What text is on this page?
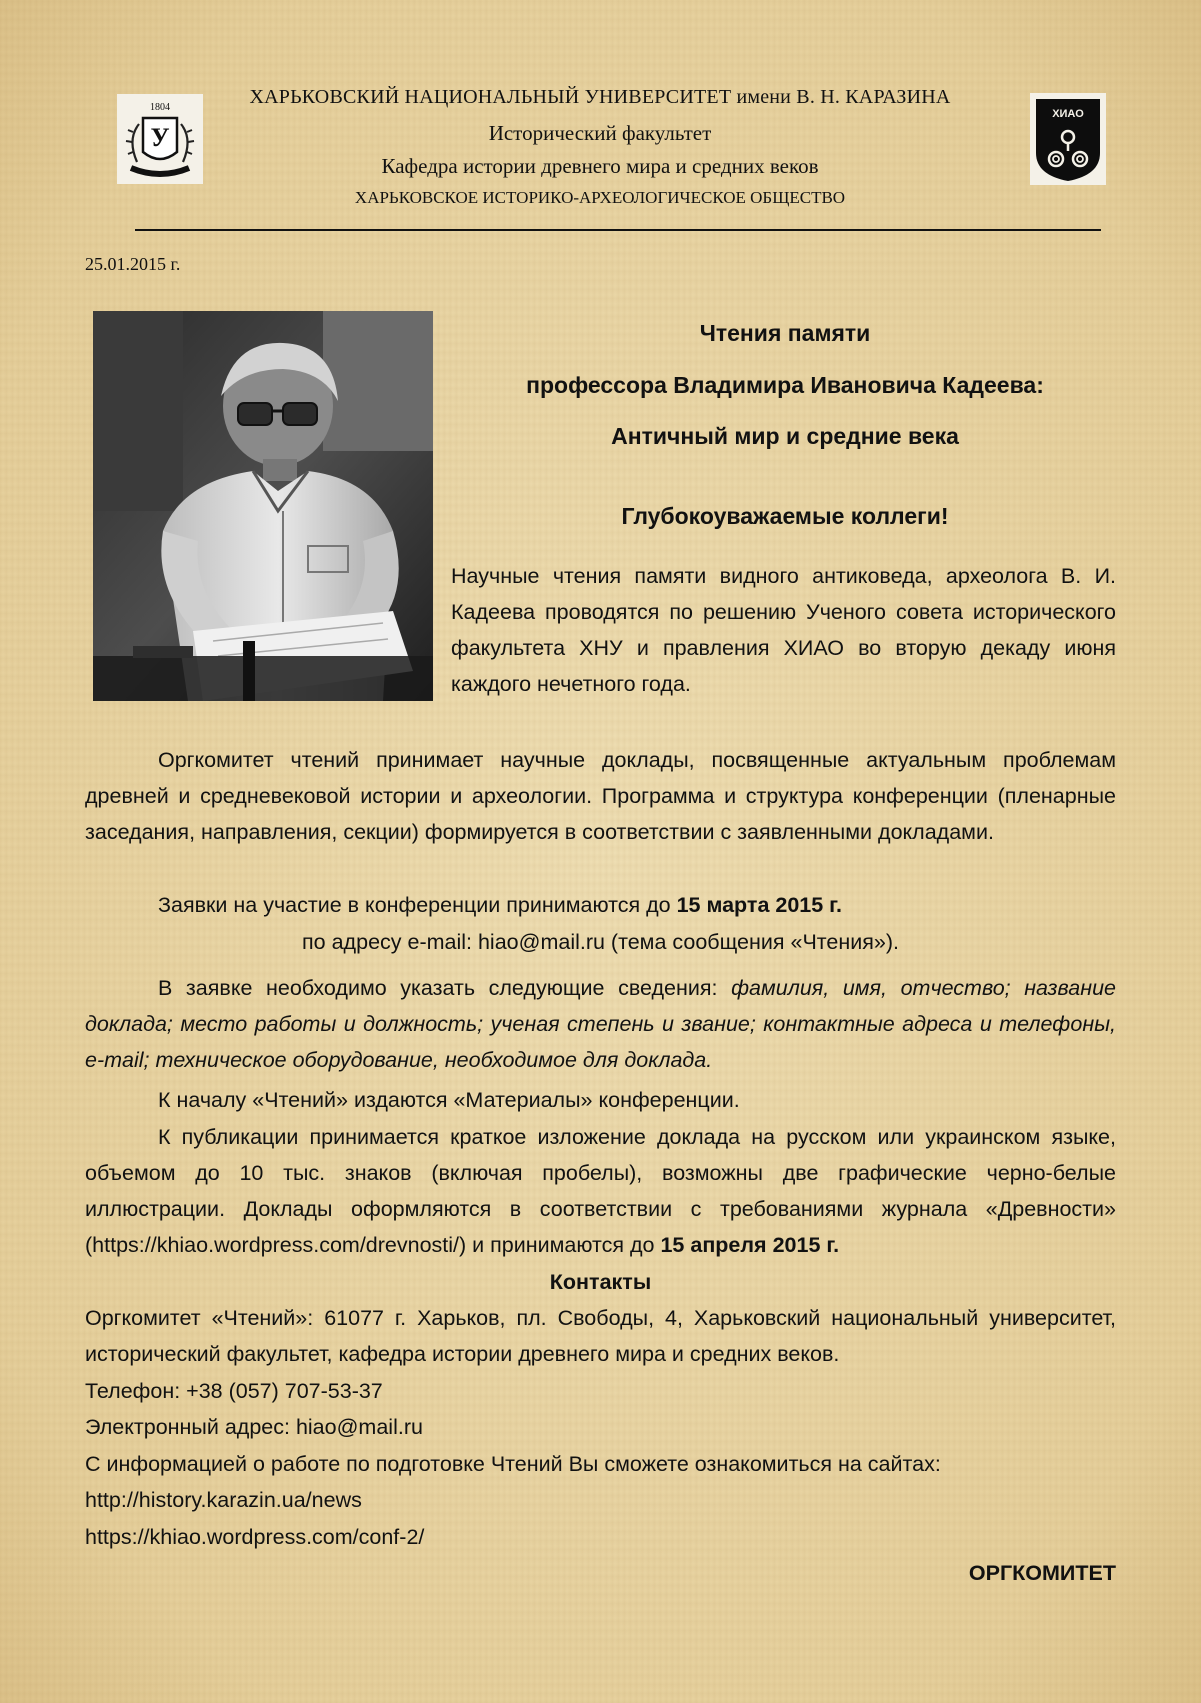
У
1804
ХИАО
ХАРЬКОВСКИЙ НАЦИОНАЛЬНЫЙ УНИВЕРСИТЕТ имени В. Н. КАРАЗИНА
Исторический факультет
Кафедра истории древнего мира и средних веков
ХАРЬКОВСКОЕ ИСТОРИКО-АРХЕОЛОГИЧЕСКОЕ ОБЩЕСТВО
25.01.2015 г.
Чтения памяти
профессора Владимира Ивановича Кадеева:
Античный мир и средние века
Глубокоуважаемые коллеги!
Научные чтения памяти видного антиковеда, археолога В. И. Кадеева проводятся по решению Ученого совета исторического факультета ХНУ и правления ХИАО во вторую декаду июня каждого нечетного года.
Оргкомитет чтений принимает научные доклады, посвященные актуальным проблемам древней и средневековой истории и археологии. Программа и структура конференции (пленарные заседания, направления, секции) формируется в соответствии с заявленными докладами.
Заявки на участие в конференции принимаются до 15 марта 2015 г.
по адресу e-mail: hiao@mail.ru (тема сообщения «Чтения»).
В заявке необходимо указать следующие сведения: фамилия, имя, отчество; название доклада; место работы и должность; ученая степень и звание; контактные адреса и телефоны, e-mail; техническое оборудование, необходимое для доклада.
К началу «Чтений» издаются «Материалы» конференции.
К публикации принимается краткое изложение доклада на русском или украинском языке, объемом до 10 тыс. знаков (включая пробелы), возможны две графические черно-белые иллюстрации. Доклады оформляются в соответствии с требованиями журнала «Древности» (https://khiao.wordpress.com/drevnosti/) и принимаются до 15 апреля 2015 г.
Контакты
Оргкомитет «Чтений»: 61077 г. Харьков, пл. Свободы, 4, Харьковский национальный университет, исторический факультет, кафедра истории древнего мира и средних веков.
Телефон: +38 (057) 707-53-37
Электронный адрес: hiao@mail.ru
С информацией о работе по подготовке Чтений Вы сможете ознакомиться на сайтах:
http://history.karazin.ua/news
https://khiao.wordpress.com/conf-2/
ОРГКОМИТЕТ
